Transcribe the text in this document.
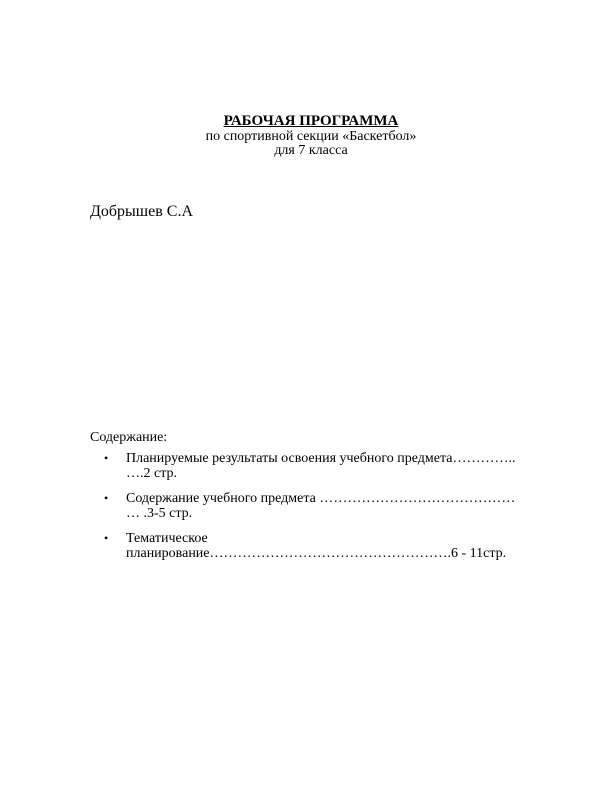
РАБОЧАЯ ПРОГРАММА
по спортивной секции «Баскетбол»
для 7 класса
Добрышев С.А
Содержание:
• Планируемые результаты освоения учебного предмета…………..
….2 стр.
• Содержание учебного предмета ……………………………………
… .3-5 стр.
• Тематическое
планирование…………………………………………….6 - 11стр.
